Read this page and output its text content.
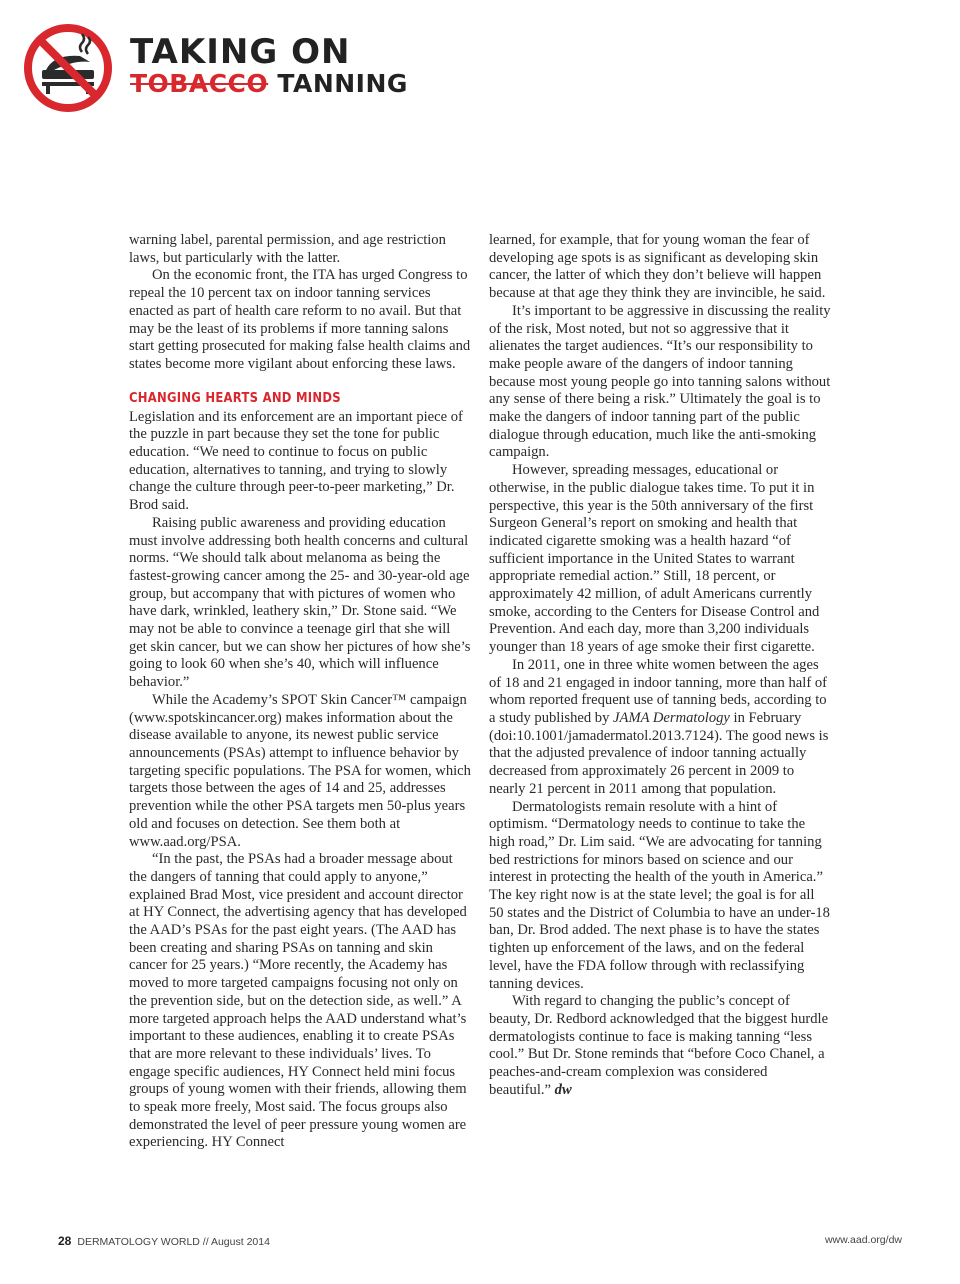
TAKING ON
TOBACCO TANNING

warning label, parental permission, and age restriction laws, but particularly with the latter.

On the economic front, the ITA has urged Congress to repeal the 10 percent tax on indoor tanning services enacted as part of health care reform to no avail. But that may be the least of its problems if more tanning salons start getting prosecuted for making false health claims and states become more vigilant about enforcing these laws.

CHANGING HEARTS AND MINDS

Legislation and its enforcement are an important piece of the puzzle in part because they set the tone for public education. “We need to continue to focus on public education, alternatives to tanning, and trying to slowly change the culture through peer-to-peer marketing,” Dr. Brod said.

Raising public awareness and providing education must involve addressing both health concerns and cultural norms. “We should talk about melanoma as being the fastest-growing cancer among the 25- and 30-year-old age group, but accompany that with pictures of women who have dark, wrinkled, leathery skin,” Dr. Stone said. “We may not be able to convince a teenage girl that she will get skin cancer, but we can show her pictures of how she’s going to look 60 when she’s 40, which will influence behavior.”

While the Academy’s SPOT Skin Cancer™ campaign (www.spotskincancer.org) makes information about the disease available to anyone, its newest public service announcements (PSAs) attempt to influence behavior by targeting specific populations. The PSA for women, which targets those between the ages of 14 and 25, addresses prevention while the other PSA targets men 50-plus years old and focuses on detection. See them both at www.aad.org/PSA.

“In the past, the PSAs had a broader message about the dangers of tanning that could apply to anyone,” explained Brad Most, vice president and account director at HY Connect, the advertising agency that has developed the AAD’s PSAs for the past eight years. (The AAD has been creating and sharing PSAs on tanning and skin cancer for 25 years.) “More recently, the Academy has moved to more targeted campaigns focusing not only on the prevention side, but on the detection side, as well.” A more targeted approach helps the AAD understand what’s important to these audiences, enabling it to create PSAs that are more relevant to these individuals’ lives. To engage specific audiences, HY Connect held mini focus groups of young women with their friends, allowing them to speak more freely, Most said. The focus groups also demonstrated the level of peer pressure young women are experiencing. HY Connect

learned, for example, that for young woman the fear of developing age spots is as significant as developing skin cancer, the latter of which they don’t believe will happen because at that age they think they are invincible, he said.

It’s important to be aggressive in discussing the reality of the risk, Most noted, but not so aggressive that it alienates the target audiences. “It’s our responsibility to make people aware of the dangers of indoor tanning because most young people go into tanning salons without any sense of there being a risk.” Ultimately the goal is to make the dangers of indoor tanning part of the public dialogue through education, much like the anti-smoking campaign.

However, spreading messages, educational or otherwise, in the public dialogue takes time. To put it in perspective, this year is the 50th anniversary of the first Surgeon General’s report on smoking and health that indicated cigarette smoking was a health hazard “of sufficient importance in the United States to warrant appropriate remedial action.” Still, 18 percent, or approximately 42 million, of adult Americans currently smoke, according to the Centers for Disease Control and Prevention. And each day, more than 3,200 individuals younger than 18 years of age smoke their first cigarette.

In 2011, one in three white women between the ages of 18 and 21 engaged in indoor tanning, more than half of whom reported frequent use of tanning beds, according to a study published by JAMA Dermatology in February (doi:10.1001/jamadermatol.2013.7124). The good news is that the adjusted prevalence of indoor tanning actually decreased from approximately 26 percent in 2009 to nearly 21 percent in 2011 among that population.

Dermatologists remain resolute with a hint of optimism. “Dermatology needs to continue to take the high road,” Dr. Lim said. “We are advocating for tanning bed restrictions for minors based on science and our interest in protecting the health of the youth in America.” The key right now is at the state level; the goal is for all 50 states and the District of Columbia to have an under-18 ban, Dr. Brod added. The next phase is to have the states tighten up enforcement of the laws, and on the federal level, have the FDA follow through with reclassifying tanning devices.

With regard to changing the public’s concept of beauty, Dr. Redbord acknowledged that the biggest hurdle dermatologists continue to face is making tanning “less cool.” But Dr. Stone reminds that “before Coco Chanel, a peaches-and-cream complexion was considered beautiful.” dw

28 DERMATOLOGY WORLD // August 2014	www.aad.org/dw
